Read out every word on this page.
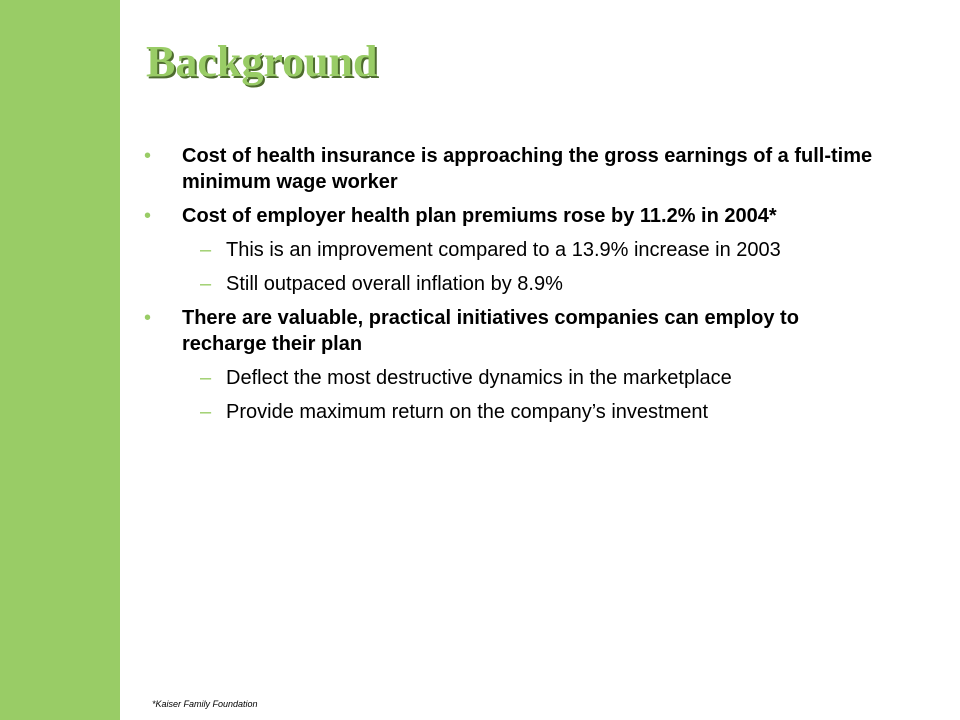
Background
• Cost of health insurance is approaching the gross earnings of a full-time minimum wage worker
• Cost of employer health plan premiums rose by 11.2% in 2004*
– This is an improvement compared to a 13.9% increase in 2003
– Still outpaced overall inflation by 8.9%
• There are valuable, practical initiatives companies can employ to recharge their plan
– Deflect the most destructive dynamics in the marketplace
– Provide maximum return on the company’s investment
*Kaiser Family Foundation
